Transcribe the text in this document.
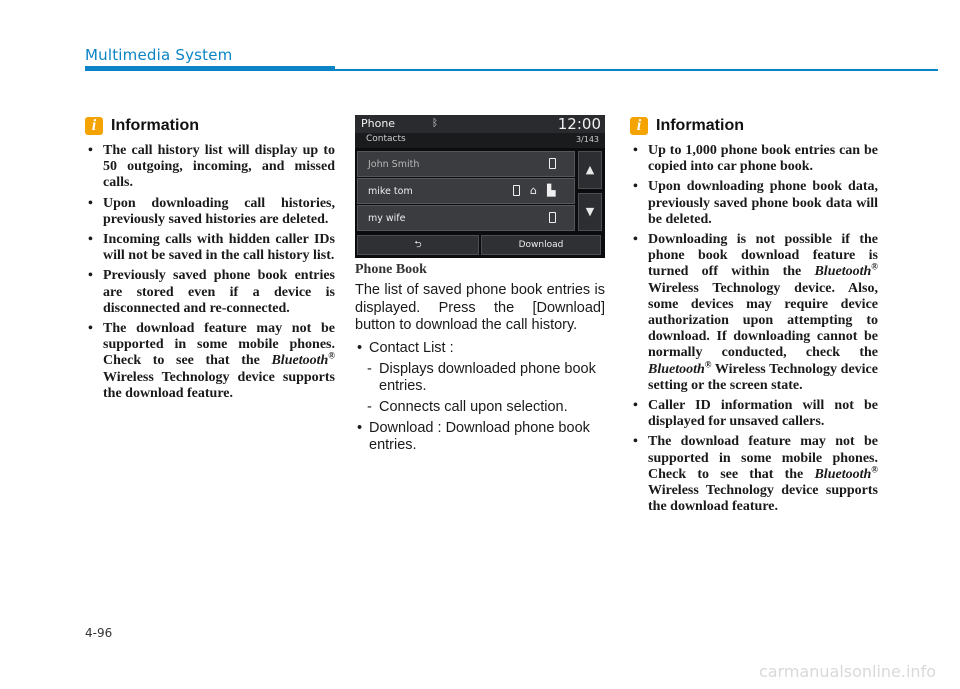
Multimedia System
i Information
• The call history list will display up to 50 outgoing, incoming, and missed calls.
• Upon downloading call histories, previously saved histories are deleted.
• Incoming calls with hidden caller IDs will not be saved in the call history list.
• Previously saved phone book entries are stored even if a device is disconnected and re-connected.
• The download feature may not be supported in some mobile phones. Check to see that the Bluetooth® Wireless Technology device supports the download feature.
Phone	ᛒ	12:00
Contacts	3/143
John Smith
mike tom	⌂ ▙
my wife
▲
▼
⮌	Download
Phone Book

The list of saved phone book entries is displayed. Press the [Download] button to download the call history.

• Contact List :
- Displays downloaded phone book entries.
- Connects call upon selection.
• Download : Download phone book entries.
i Information
• Up to 1,000 phone book entries can be copied into car phone book.
• Upon downloading phone book data, previously saved phone book data will be deleted.
• Downloading is not possible if the phone book download feature is turned off within the Bluetooth® Wireless Technology device. Also, some devices may require device authorization upon attempting to download. If downloading cannot be normally conducted, check the Bluetooth® Wireless Technology device setting or the screen state.
• Caller ID information will not be displayed for unsaved callers.
• The download feature may not be supported in some mobile phones. Check to see that the Bluetooth® Wireless Technology device supports the download feature.
4-96
carmanualsonline.info
